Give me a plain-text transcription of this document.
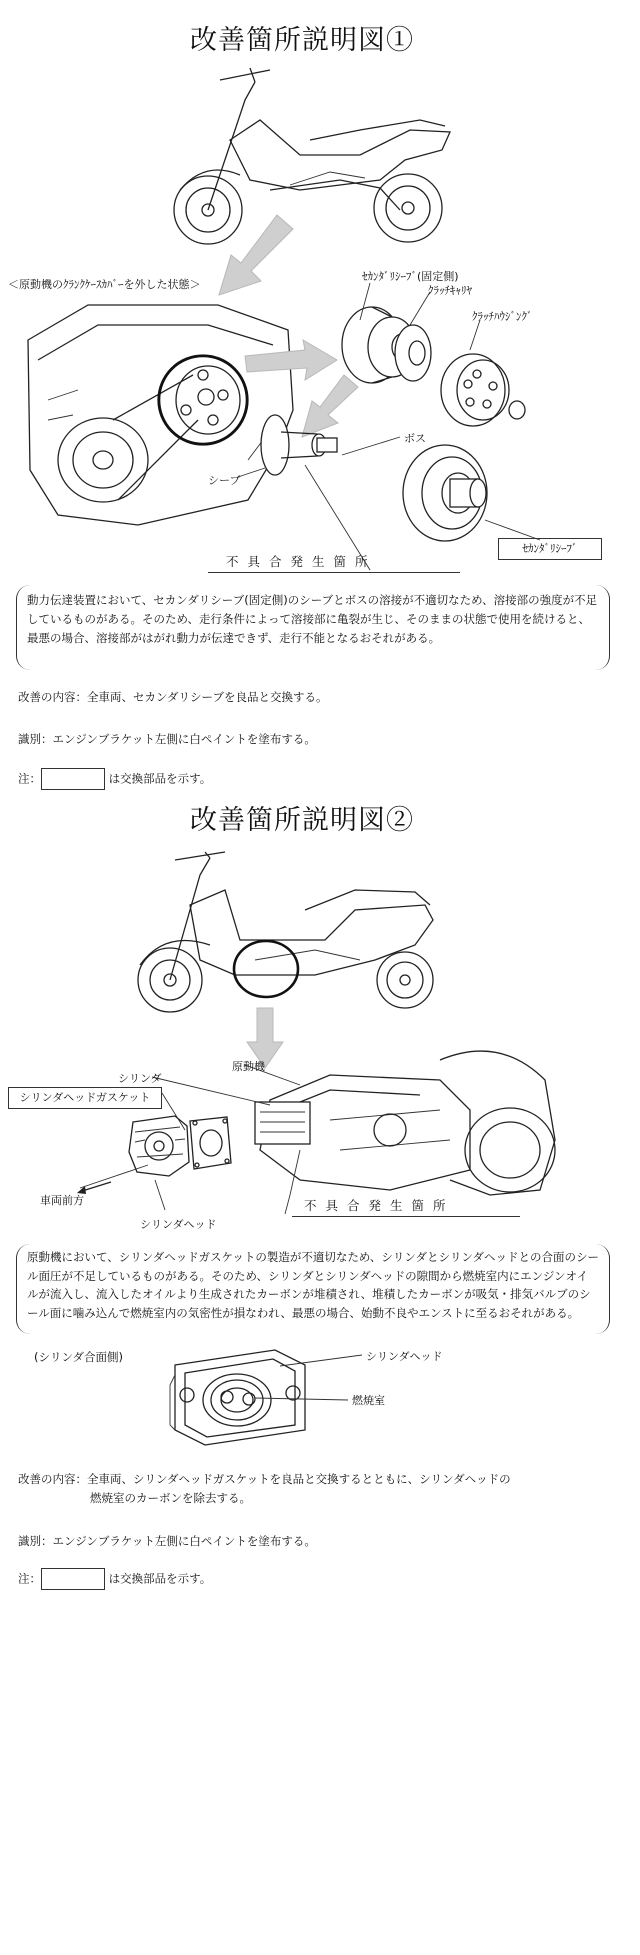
改善箇所説明図①
＜原動機のｸﾗﾝｸｹｰｽｶﾊﾞｰを外した状態＞
ｾｶﾝﾀﾞﾘｼｰﾌﾞ(固定側)
ｸﾗｯﾁｷｬﾘﾔ
ｸﾗｯﾁﾊｳｼﾞﾝｸﾞ
ボス
シーブ
不具合発生箇所
ｾｶﾝﾀﾞﾘｼｰﾌﾞ
動力伝達装置において、セカンダリシーブ(固定側)のシーブとボスの溶接が不適切なため、溶接部の強度が不足しているものがある。そのため、走行条件によって溶接部に亀裂が生じ、そのままの状態で使用を続けると、最悪の場合、溶接部がはがれ動力が伝達できず、走行不能となるおそれがある。
改善の内容：全車両、セカンダリシーブを良品と交換する。
識別：エンジンブラケット左側に白ペイントを塗布する。
注：	は交換部品を示す。
改善箇所説明図②
原動機
シリンダ
シリンダヘッドガスケット
車両前方
シリンダヘッド
不具合発生箇所
原動機において、シリンダヘッドガスケットの製造が不適切なため、シリンダとシリンダヘッドとの合面のシール面圧が不足しているものがある。そのため、シリンダとシリンダヘッドの隙間から燃焼室内にエンジンオイルが流入し、流入したオイルより生成されたカーボンが堆積され、堆積したカーボンが吸気・排気バルブのシール面に噛み込んで燃焼室内の気密性が損なわれ、最悪の場合、始動不良やエンストに至るおそれがある。
(シリンダ合面側)	シリンダヘッド
燃焼室
改善の内容：全車両、シリンダヘッドガスケットを良品と交換するとともに、シリンダヘッドの
燃焼室のカーボンを除去する。
識別：エンジンブラケット左側に白ペイントを塗布する。
注：	は交換部品を示す。
